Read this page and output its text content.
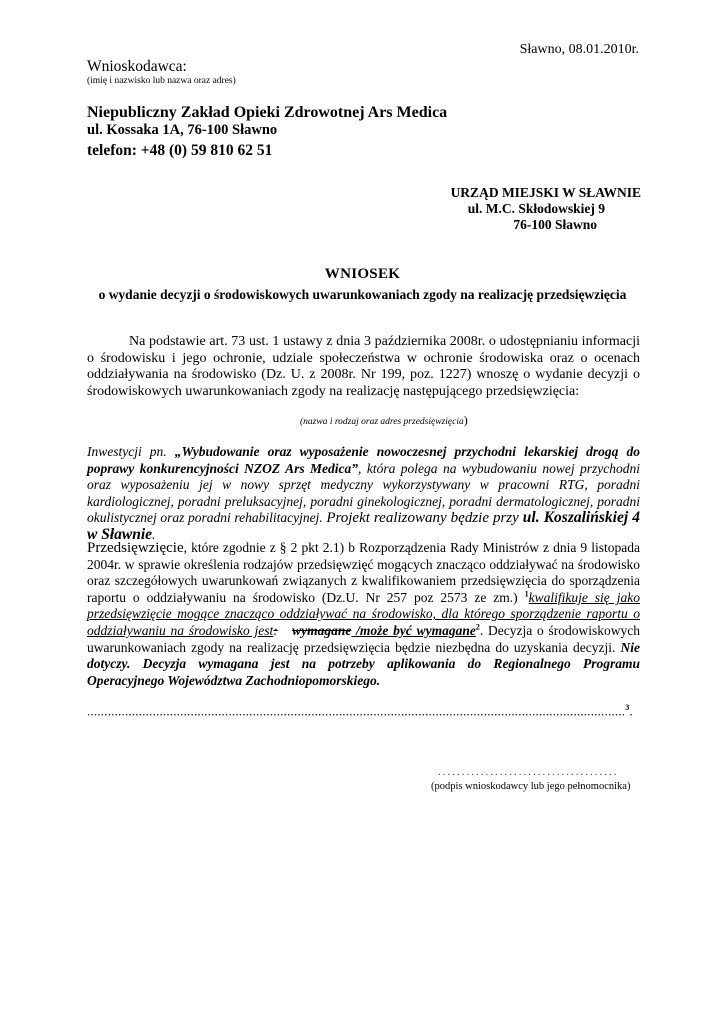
Sławno, 08.01.2010r.
Wnioskodawca:
(imię i nazwisko lub nazwa oraz adres)
Niepubliczny Zakład Opieki Zdrowotnej Ars Medica
ul. Kossaka 1A, 76-100 Sławno
telefon: +48 (0) 59 810 62 51
URZĄD MIEJSKI W SŁAWNIE
ul. M.C. Skłodowskiej 9
76-100 Sławno
WNIOSEK
o wydanie decyzji o środowiskowych uwarunkowaniach zgody na realizację przedsięwzięcia
Na podstawie art. 73 ust. 1 ustawy z dnia 3 października 2008r. o udostępnianiu informacji o środowisku i jego ochronie, udziale społeczeństwa w ochronie środowiska oraz o ocenach oddziaływania na środowisko (Dz. U. z 2008r. Nr 199, poz. 1227) wnoszę o wydanie decyzji o środowiskowych uwarunkowaniach zgody na realizację następującego przedsięwzięcia:
(nazwa i rodzaj oraz adres przedsięwzięcia)
Inwestycji pn. „Wybudowanie oraz wyposażenie nowoczesnej przychodni lekarskiej drogą do poprawy konkurencyjności NZOZ Ars Medica”, która polega na wybudowaniu nowej przychodni oraz wyposażeniu jej w nowy sprzęt medyczny wykorzystywany w pracowni RTG, poradni kardiologicznej, poradni preluksacyjnej, poradni ginekologicznej, poradni dermatologicznej, poradni okulistycznej oraz poradni rehabilitacyjnej. Projekt realizowany będzie przy ul. Koszalińskiej 4 w Sławnie.
Przedsięwzięcie, które zgodnie z § 2 pkt 2.1) b Rozporządzenia Rady Ministrów z dnia 9 listopada 2004r. w sprawie określenia rodzajów przedsięwzięć mogących znacząco oddziaływać na środowisko oraz szczegółowych uwarunkowań związanych z kwalifikowaniem przedsięwzięcia do sporządzenia raportu o oddziaływaniu na środowisko (Dz.U. Nr 257 poz 2573 ze zm.) $^1$kwalifikuje się jako przedsięwzięcie mogące znacząco oddziaływać na środowisko, dla którego sporządzenie raportu o oddziaływaniu na środowisko jest: wymagane /może być wymagane$^2$. Decyzja o środowiskowych uwarunkowaniach zgody na realizację przedsięwzięcia będzie niezbędna do uzyskania decyzji. Nie dotyczy. Decyzja wymagana jest na potrzeby aplikowania do Regionalnego Programu Operacyjnego Województwa Zachodniopomorskiego.
............................................................................................................................................................$^3$.
......................................
(podpis wnioskodawcy lub jego pełnomocnika)
